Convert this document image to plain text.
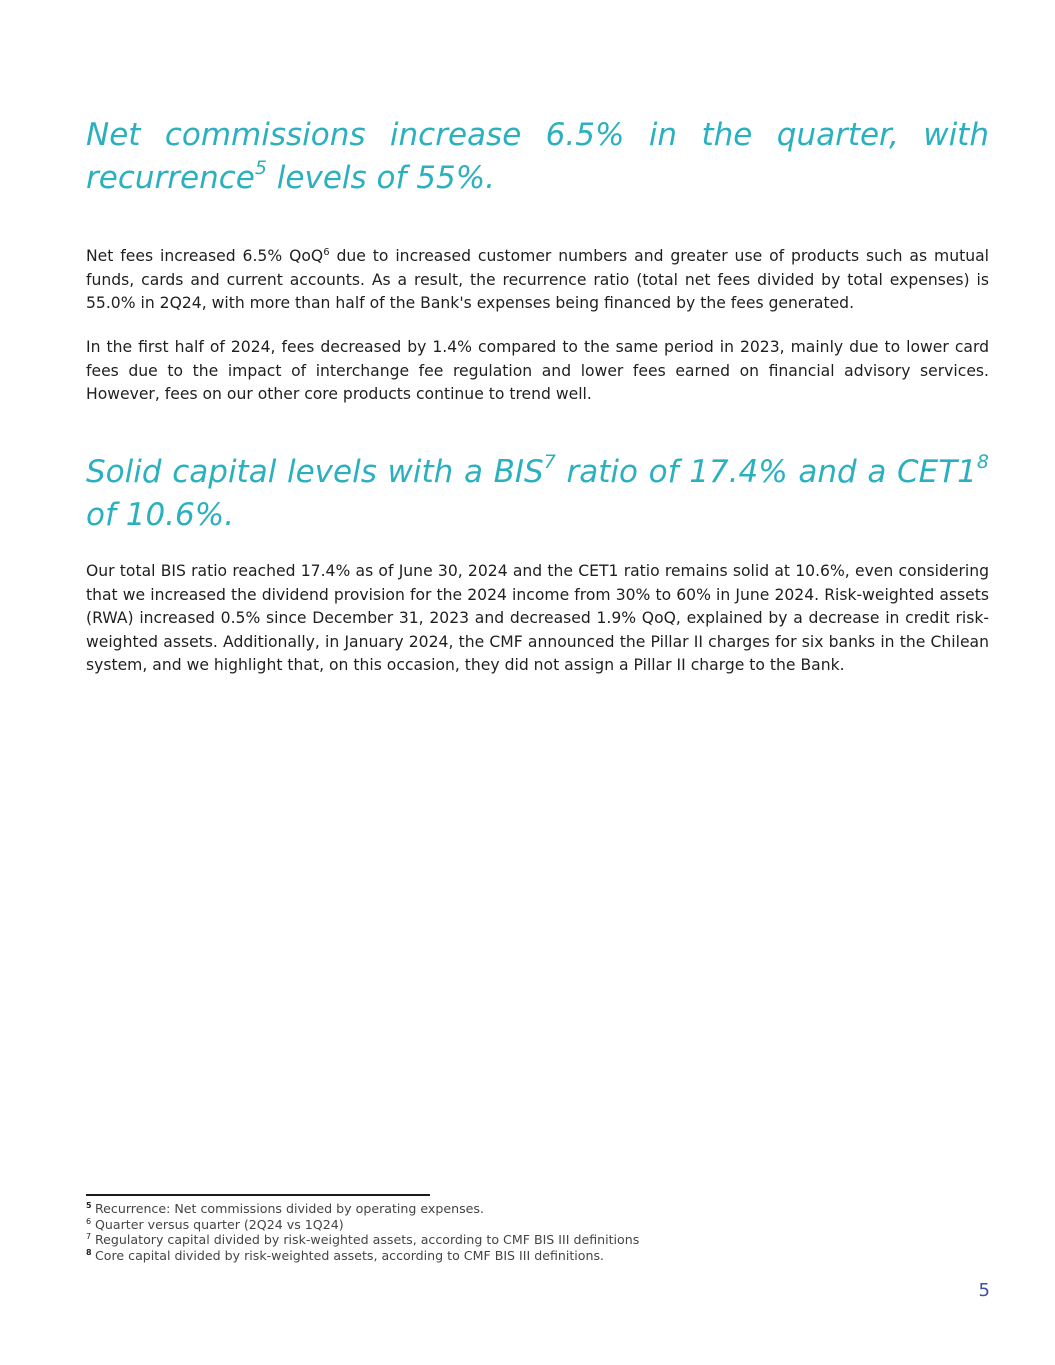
Net commissions increase 6.5% in the quarter, with recurrence$^5$ levels of 55%.

Net fees increased 6.5% QoQ$^6$ due to increased customer numbers and greater use of products such as mutual funds, cards and current accounts. As a result, the recurrence ratio (total net fees divided by total expenses) is 55.0% in 2Q24, with more than half of the Bank's expenses being financed by the fees generated.

In the first half of 2024, fees decreased by 1.4% compared to the same period in 2023, mainly due to lower card fees due to the impact of interchange fee regulation and lower fees earned on financial advisory services. However, fees on our other core products continue to trend well.

Solid capital levels with a BIS$^7$ ratio of 17.4% and a $CET1^8$ of 10.6%.

Our total BIS ratio reached 17.4% as of June 30, 2024 and the CET1 ratio remains solid at 10.6%, even considering that we increased the dividend provision for the 2024 income from 30% to 60% in June 2024. Risk-weighted assets (RWA) increased 0.5% since December 31, 2023 and decreased 1.9% QoQ, explained by a decrease in credit risk-weighted assets. Additionally, in January 2024, the CMF announced the Pillar II charges for six banks in the Chilean system, and we highlight that, on this occasion, they did not assign a Pillar II charge to the Bank.

5 Recurrence: Net commissions divided by operating expenses.
6 Quarter versus quarter (2Q24 vs 1Q24)
7 Regulatory capital divided by risk-weighted assets, according to CMF BIS III definitions
8 Core capital divided by risk-weighted assets, according to CMF BIS III definitions.
5
